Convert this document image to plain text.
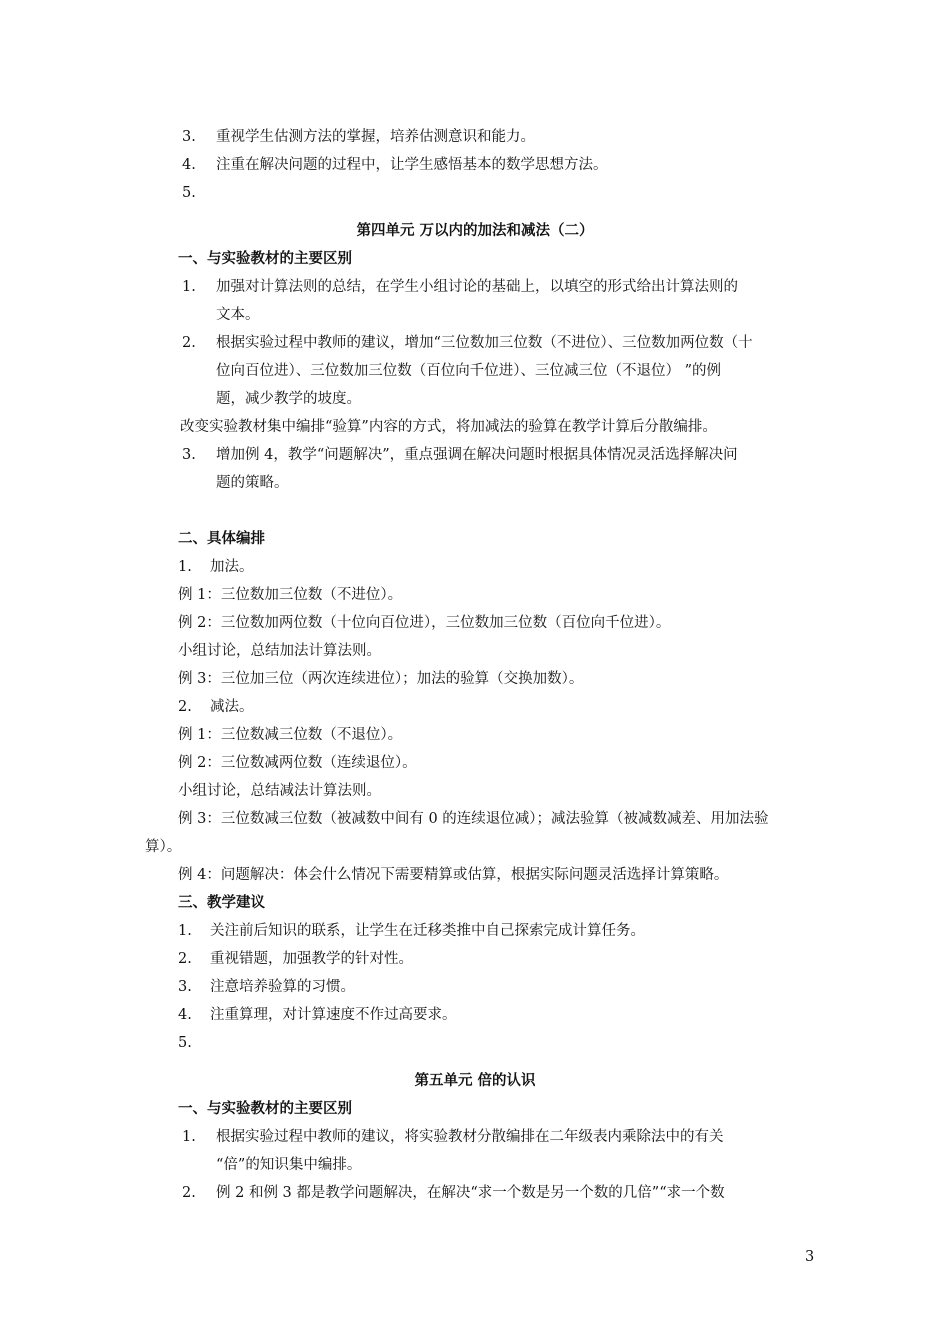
3. 重视学生估测方法的掌握，培养估测意识和能力。
4. 注重在解决问题的过程中，让学生感悟基本的数学思想方法。
5.
第四单元 万以内的加法和减法（二）
一、与实验教材的主要区别
1. 加强对计算法则的总结，在学生小组讨论的基础上，以填空的形式给出计算法则的
文本。
2. 根据实验过程中教师的建议，增加“三位数加三位数（不进位）、三位数加两位数（十
位向百位进）、三位数加三位数（百位向千位进）、三位减三位（不退位） ”的例
题，减少教学的坡度。
改变实验教材集中编排“验算”内容的方式，将加减法的验算在教学计算后分散编排。
3. 增加例 4，教学“问题解决”，重点强调在解决问题时根据具体情况灵活选择解决问
题的策略。
二、具体编排
1. 加法。
例 1：三位数加三位数（不进位）。
例 2：三位数加两位数（十位向百位进），三位数加三位数（百位向千位进）。
小组讨论，总结加法计算法则。
例 3：三位加三位（两次连续进位）；加法的验算（交换加数）。
2. 减法。
例 1：三位数减三位数（不退位）。
例 2：三位数减两位数（连续退位）。
小组讨论，总结减法计算法则。
例 3：三位数减三位数（被减数中间有 0 的连续退位减）；减法验算（被减数减差、用加法验
算）。
例 4：问题解决：体会什么情况下需要精算或估算，根据实际问题灵活选择计算策略。
三、教学建议
1. 关注前后知识的联系，让学生在迁移类推中自己探索完成计算任务。
2. 重视错题，加强教学的针对性。
3. 注意培养验算的习惯。
4. 注重算理，对计算速度不作过高要求。
5.
第五单元 倍的认识
一、与实验教材的主要区别
1. 根据实验过程中教师的建议，将实验教材分散编排在二年级表内乘除法中的有关
“倍”的知识集中编排。
2. 例 2 和例 3 都是教学问题解决，在解决“求一个数是另一个数的几倍”“求一个数
3
